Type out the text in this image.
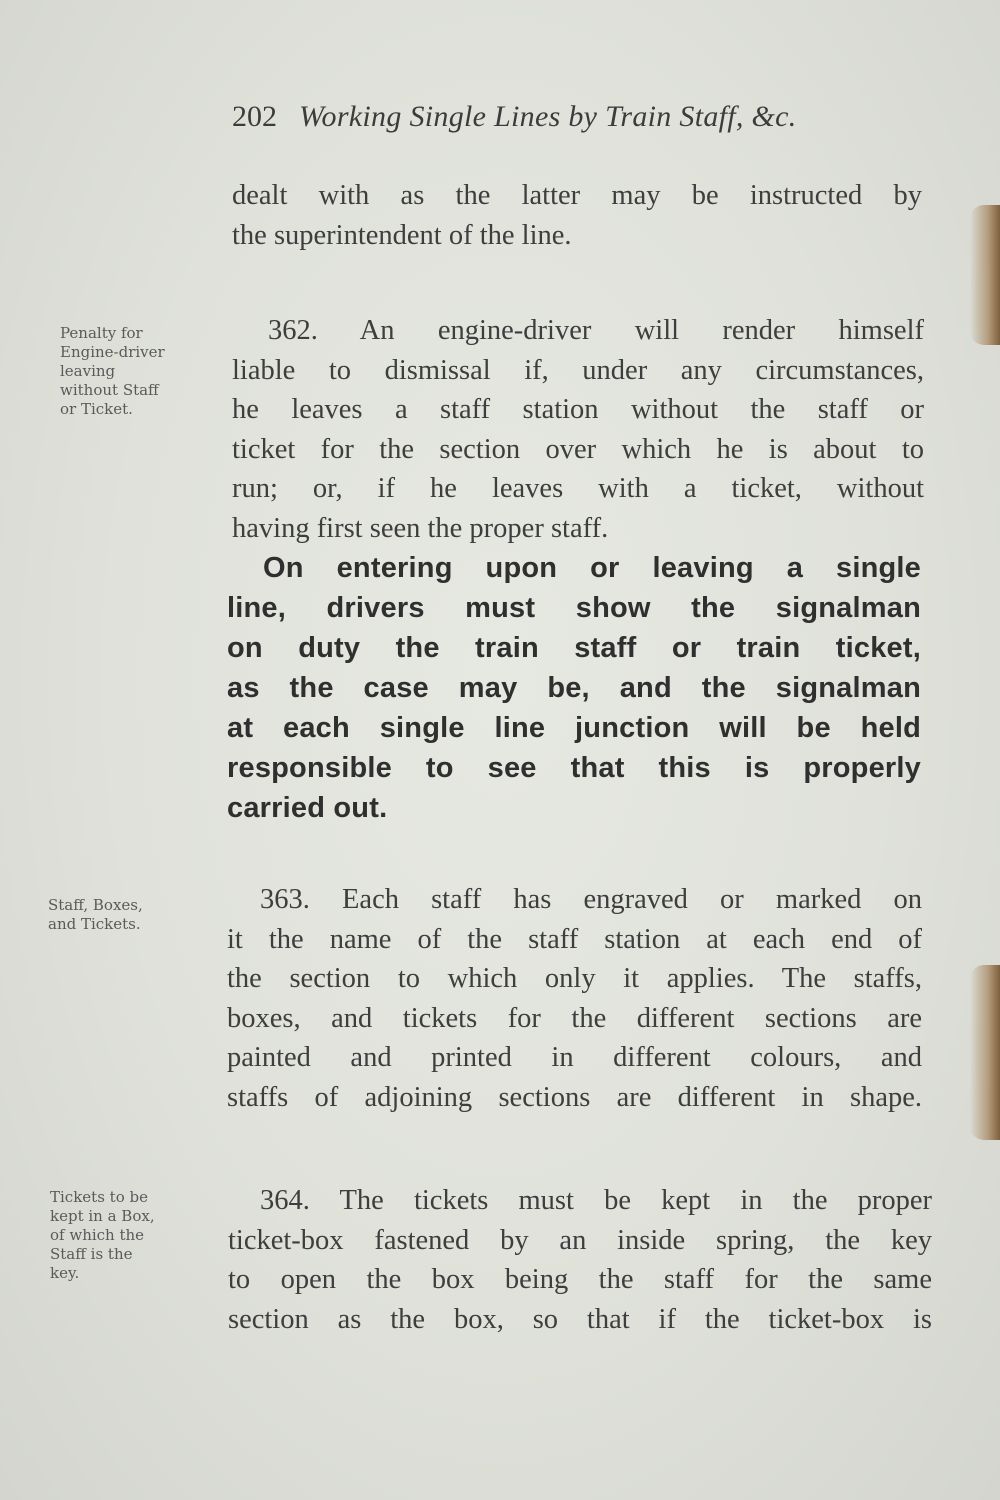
202 Working Single Lines by Train Staff, &c.
dealt with as the latter may be instructed by
the superintendent of the line.
Penalty for
Engine-driver
leaving
without Staff
or Ticket.
362. An engine-driver will render himself
liable to dismissal if, under any circumstances,
he leaves a staff station without the staff or
ticket for the section over which he is about to
run; or, if he leaves with a ticket, without
having first seen the proper staff.
On entering upon or leaving a single
line, drivers must show the signalman
on duty the train staff or train ticket,
as the case may be, and the signalman
at each single line junction will be held
responsible to see that this is properly
carried out.
Staff, Boxes,
and Tickets.
363. Each staff has engraved or marked on
it the name of the staff station at each end of
the section to which only it applies. The staffs,
boxes, and tickets for the different sections are
painted and printed in different colours, and
staffs of adjoining sections are different in shape.
Tickets to be
kept in a Box,
of which the
Staff is the
key.
364. The tickets must be kept in the proper
ticket-box fastened by an inside spring, the key
to open the box being the staff for the same
section as the box, so that if the ticket-box is
